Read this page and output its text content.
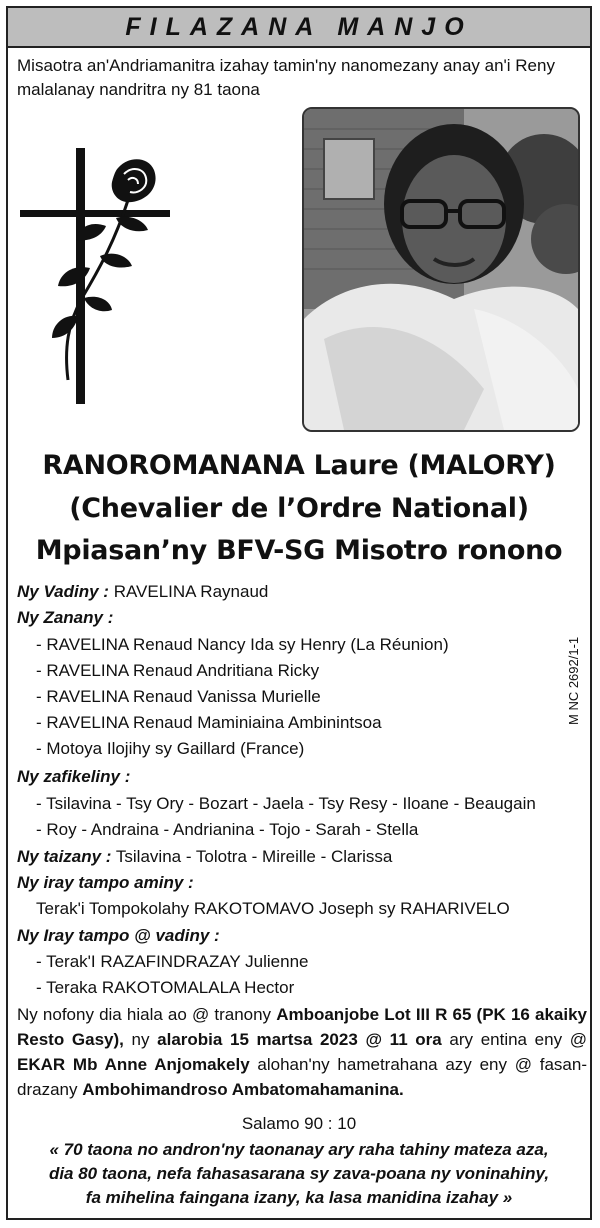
FILAZANA MANJO
Misaotra an'Andriamanitra izahay tamin'ny nanomezany anay an'i Reny malalanay nandritra ny 81 taona
RANOROMANANA Laure (MALORY)
(Chevalier de l’Ordre National)
Mpiasan’ny BFV-SG Misotro ronono
M NC 2692/1-1
Ny Vadiny : RAVELINA Raynaud
Ny Zanany :
- RAVELINA Renaud Nancy Ida sy Henry (La Réunion)
- RAVELINA Renaud Andritiana Ricky
- RAVELINA Renaud Vanissa Murielle
- RAVELINA Renaud Maminiaina Ambinintsoa
- Motoya Ilojihy sy Gaillard (France)
Ny zafikeliny :
- Tsilavina - Tsy Ory - Bozart - Jaela - Tsy Resy - Iloane - Beaugain
- Roy - Andraina - Andrianina - Tojo - Sarah - Stella
Ny taizany : Tsilavina - Tolotra - Mireille - Clarissa
Ny iray tampo aminy :
Terak'i Tompokolahy RAKOTOMAVO Joseph sy RAHARIVELO
Ny Iray tampo @ vadiny :
- Terak'I RAZAFINDRAZAY Julienne
- Teraka RAKOTOMALALA Hector
Ny nofony dia hiala ao @ tranony Amboanjobe Lot III R 65 (PK 16 akaiky Resto Gasy), ny alarobia 15 martsa 2023 @ 11 ora ary entina eny @ EKAR Mb Anne Anjomakely alohan'ny hametrahana azy eny @ fasan-drazany Ambohimandroso Ambatomahamanina.
Salamo 90 : 10
« 70 taona no andron'ny taonanay ary raha tahiny mateza aza,
dia 80 taona, nefa fahasasarana sy zava-poana ny voninahiny,
fa mihelina faingana izany, ka lasa manidina izahay »
